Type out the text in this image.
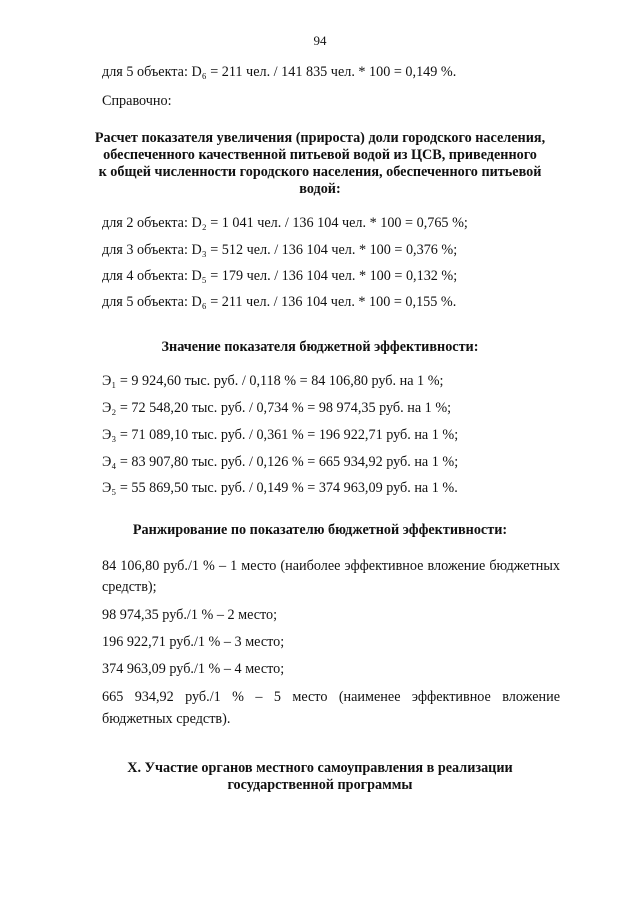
94
для 5 объекта: D₆ = 211 чел. / 141 835 чел. * 100 = 0,149 %.
Справочно:
Расчет показателя увеличения (прироста) доли городского населения,
обеспеченного качественной питьевой водой из ЦСВ, приведенного
к общей численности городского населения, обеспеченного питьевой
водой:
для 2 объекта: D₂ = 1 041 чел. / 136 104 чел. * 100 = 0,765 %;
для 3 объекта: D₃ = 512 чел. / 136 104 чел. * 100 = 0,376 %;
для 4 объекта: D₅ = 179 чел. / 136 104 чел. * 100 = 0,132 %;
для 5 объекта: D₆ = 211 чел. / 136 104 чел. * 100 = 0,155 %.
Значение показателя бюджетной эффективности:
Э₁ = 9 924,60 тыс. руб. / 0,118 % = 84 106,80 руб. на 1 %;
Э₂ = 72 548,20 тыс. руб. / 0,734 % = 98 974,35 руб. на 1 %;
Э₃ = 71 089,10 тыс. руб. / 0,361 % = 196 922,71 руб. на 1 %;
Э₄ = 83 907,80 тыс. руб. / 0,126 % = 665 934,92 руб. на 1 %;
Э₅ = 55 869,50 тыс. руб. / 0,149 % = 374 963,09 руб. на 1 %.
Ранжирование по показателю бюджетной эффективности:
84 106,80 руб./1 % – 1 место (наиболее эффективное вложение бюджетных
средств);
98 974,35 руб./1 % – 2 место;
196 922,71 руб./1 % – 3 место;
374 963,09 руб./1 % – 4 место;
665 934,92 руб./1 % – 5 место (наименее эффективное вложение
бюджетных средств).
X. Участие органов местного самоуправления в реализации
государственной программы
